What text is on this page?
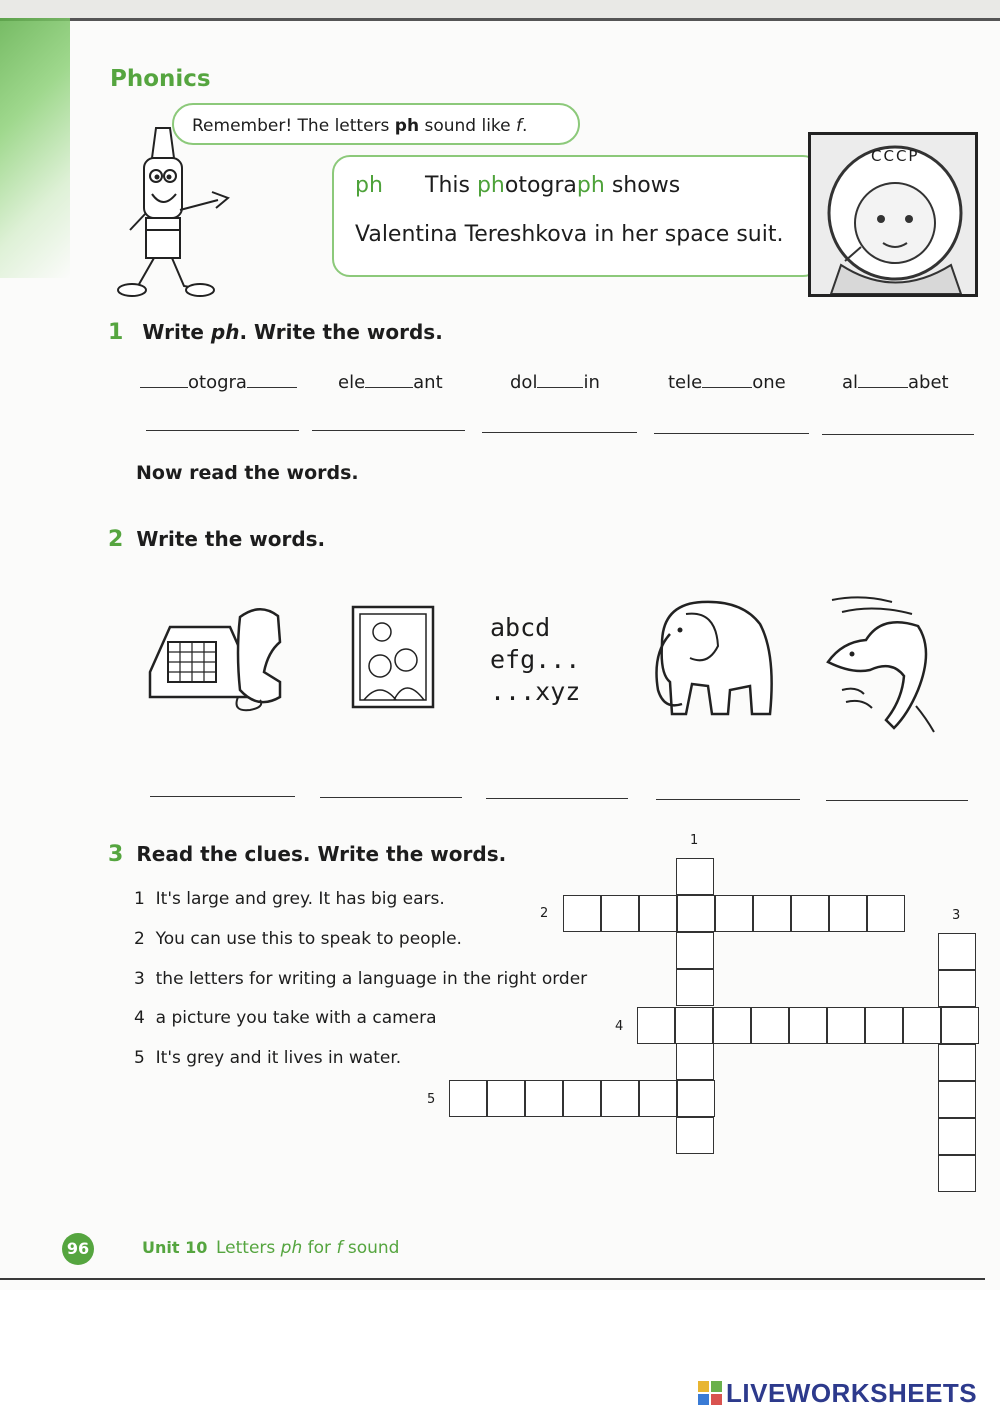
Phonics
Remember! The letters ph sound like f.
ph This photograph shows
Valentina Tereshkova in her space suit.
CCCP
1 Write ph. Write the words.
otogra	ele	ant	dol	in	tele	one	al	abet
Now read the words.
2 Write the words.
abcd
efg...
...xyz
3 Read the clues. Write the words.
1 It's large and grey. It has big ears.
2 You can use this to speak to people.
3 the letters for writing a language in the right order
4 a picture you take with a camera
5 It's grey and it lives in water.
1
2	3
4
5
96	Unit 10 Letters ph for f sound
LIVEWORKSHEETS
